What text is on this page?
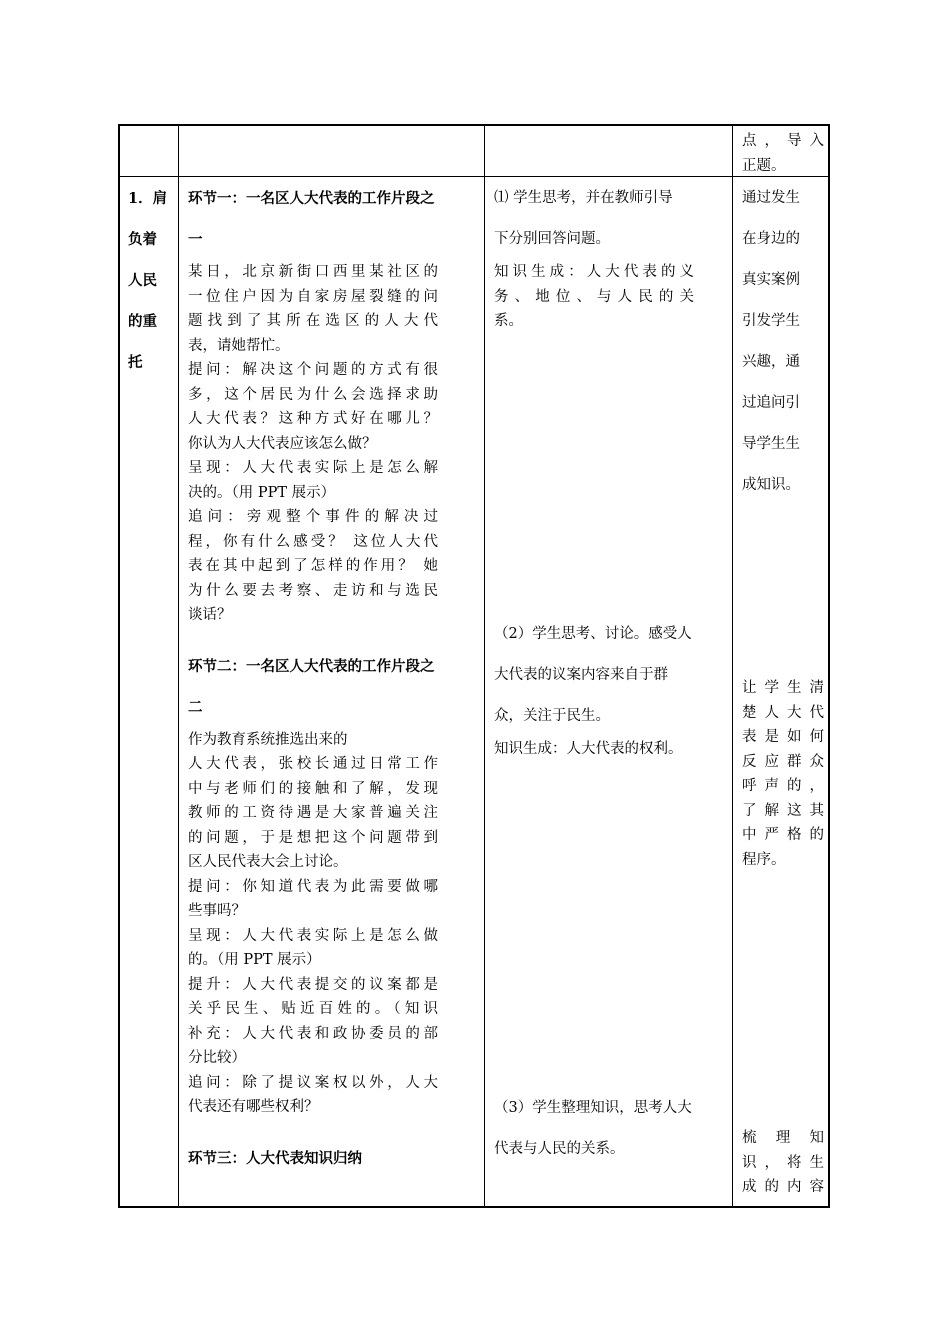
点 ， 导 入

正题。

1．肩

负着

人民

的重

托

环节一：一名区人大代表的工作片段之

一

某日，北京新街口西里某社区的

一位住户因为自家房屋裂缝的问

题找到了其所在选区的人大代

表，请她帮忙。

提问：解决这个问题的方式有很

多，这个居民为什么会选择求助

人大代表？这种方式好在哪儿？

你认为人大代表应该怎么做？

呈现：人大代表实际上是怎么解

决的。（用 PPT 展示）

追问：旁观整个事件的解决过

程，你有什么感受？ 这位人大代

表在其中起到了怎样的作用？ 她

为什么要去考察、走访和与选民

谈话？

环节二：一名区人大代表的工作片段之

二

作为教育系统推选出来的

人大代表，张校长通过日常工作

中与老师们的接触和了解，发现

教师的工资待遇是大家普遍关注

的问题，于是想把这个问题带到

区人民代表大会上讨论。

提问：你知道代表为此需要做哪

些事吗？

呈现：人大代表实际上是怎么做

的。（用 PPT 展示）

提升：人大代表提交的议案都是

关乎民生、贴近百姓的。（知识

补充：人大代表和政协委员的部

分比较）

追问：除了提议案权以外，人大

代表还有哪些权利？

环节三：人大代表知识归纳

⑴ 学生思考，并在教师引导

下分别回答问题。

知识生成：人大代表的义

务、地位、与人民的关

系。

（2）学生思考、讨论。感受人

大代表的议案内容来自于群

众，关注于民生。

知识生成：人大代表的权利。

（3）学生整理知识，思考人大

代表与人民的关系。

通过发生

在身边的

真实案例

引发学生

兴趣，通

过追问引

导学生生

成知识。

让 学 生 清

楚 人 大 代

表 是 如 何

反 应 群 众

呼 声 的 ，

了 解 这 其

中 严 格 的

程序。

梳 理 知

识 ， 将 生

成 的 内 容
